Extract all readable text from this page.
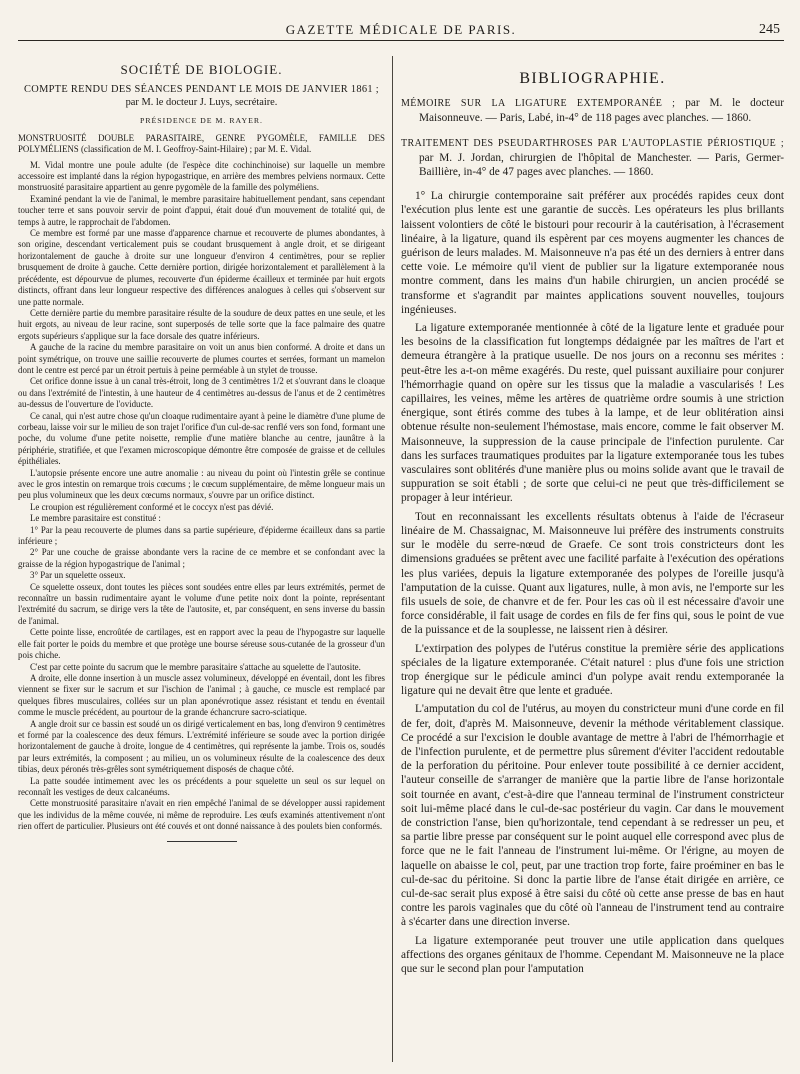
GAZETTE MÉDICALE DE PARIS.	245
SOCIÉTÉ DE BIOLOGIE.
COMPTE RENDU DES SÉANCES PENDANT LE MOIS DE JANVIER 1861 ;
par M. le docteur J. Luys, secrétaire.
PRÉSIDENCE DE M. RAYER.
MONSTRUOSITÉ DOUBLE PARASITAIRE, GENRE PYGOMÈLE, FAMILLE DES POLYMÉLIENS (classification de M. I. Geoffroy-Saint-Hilaire) ; par M. E. Vidal.

M. Vidal montre une poule adulte (de l'espèce dite cochinchinoise) sur laquelle un membre accessoire est implanté dans la région hypogastrique, en arrière des membres pelviens normaux. Cette monstruosité parasitaire appartient au genre pygomèle de la famille des polyméliens.

Examiné pendant la vie de l'animal, le membre parasitaire habituellement pendant, sans cependant toucher terre et sans pouvoir servir de point d'appui, était doué d'un mouvement de totalité qui, de temps à autre, le rapprochait de l'abdomen.

Ce membre est formé par une masse d'apparence charnue et recouverte de plumes abondantes, à son origine, descendant verticalement puis se coudant brusquement à angle droit, et se dirigeant horizontalement de gauche à droite sur une longueur d'environ 4 centimètres, pour se replier brusquement de droite à gauche. Cette dernière portion, dirigée horizontalement et parallèlement à la précédente, est dépourvue de plumes, recouverte d'un épiderme écailleux et terminée par huit ergots distincts, offrant dans leur longueur respective des différences analogues à celles qui s'observent sur une patte normale.

Cette dernière partie du membre parasitaire résulte de la soudure de deux pattes en une seule, et les huit ergots, au niveau de leur racine, sont superposés de telle sorte que la face palmaire des quatre ergots supérieurs s'applique sur la face dorsale des quatre inférieurs.

A gauche de la racine du membre parasitaire on voit un anus bien conformé. A droite et dans un point symétrique, on trouve une saillie recouverte de plumes courtes et serrées, formant un mamelon dont le centre est percé par un étroit pertuis à peine perméable à un stylet de trousse.

Cet orifice donne issue à un canal très-étroit, long de 3 centimètres 1/2 et s'ouvrant dans le cloaque ou dans l'extrémité de l'intestin, à une hauteur de 4 centimètres au-dessus de l'anus et de 2 centimètres au-dessus de l'ouverture de l'oviducte.

Ce canal, qui n'est autre chose qu'un cloaque rudimentaire ayant à peine le diamètre d'une plume de corbeau, laisse voir sur le milieu de son trajet l'orifice d'un cul-de-sac renflé vers son fond, formant une poche, du volume d'une petite noisette, remplie d'une matière blanche au centre, jaunâtre à la périphérie, stratifiée, et que l'examen microscopique démontre être composée de graisse et de cellules épithéliales.

L'autopsie présente encore une autre anomalie : au niveau du point où l'intestin grêle se continue avec le gros intestin on remarque trois cœcums ; le cœcum supplémentaire, de même longueur mais un peu plus volumineux que les deux cœcums normaux, s'ouvre par un orifice distinct.

Le croupion est régulièrement conformé et le coccyx n'est pas dévié.

Le membre parasitaire est constitué :

1° Par la peau recouverte de plumes dans sa partie supérieure, d'épiderme écailleux dans sa partie inférieure ;

2° Par une couche de graisse abondante vers la racine de ce membre et se confondant avec la graisse de la région hypogastrique de l'animal ;

3° Par un squelette osseux.

Ce squelette osseux, dont toutes les pièces sont soudées entre elles par leurs extrémités, permet de reconnaître un bassin rudimentaire ayant le volume d'une petite noix dont la pointe, représentant l'extrémité du sacrum, se dirige vers la tête de l'autosite, et, par conséquent, en sens inverse du bassin de l'animal.

Cette pointe lisse, encroûtée de cartilages, est en rapport avec la peau de l'hypogastre sur laquelle elle fait porter le poids du membre et que protège une bourse séreuse sous-cutanée de la grosseur d'un pois chiche.

C'est par cette pointe du sacrum que le membre parasitaire s'attache au squelette de l'autosite.

A droite, elle donne insertion à un muscle assez volumineux, développé en éventail, dont les fibres viennent se fixer sur le sacrum et sur l'ischion de l'animal ; à gauche, ce muscle est remplacé par quelques fibres musculaires, collées sur un plan aponévrotique assez résistant et tendu en éventail comme le muscle précédent, au pourtour de la grande échancrure sacro-sciatique.

A angle droit sur ce bassin est soudé un os dirigé verticalement en bas, long d'environ 9 centimètres et formé par la coalescence des deux fémurs. L'extrémité inférieure se soude avec la portion dirigée horizontalement de gauche à droite, longue de 4 centimètres, qui représente la jambe. Trois os, soudés par leurs extrémités, la composent ; au milieu, un os volumineux résulte de la coalescence des deux tibias, deux péronés très-grêles sont symétriquement disposés de chaque côté.

La patte soudée intimement avec les os précédents a pour squelette un seul os sur lequel on reconnaît les vestiges de deux calcanéums.

Cette monstruosité parasitaire n'avait en rien empêché l'animal de se développer aussi rapidement que les individus de la même couvée, ni même de reproduire. Les œufs examinés attentivement n'ont rien offert de particulier. Plusieurs ont été couvés et ont donné naissance à des poulets bien conformés.

BIBLIOGRAPHIE.

MÉMOIRE SUR LA LIGATURE EXTEMPORANÉE ; par M. le docteur Maisonneuve. — Paris, Labé, in-4° de 118 pages avec planches. — 1860.

TRAITEMENT DES PSEUDARTHROSES PAR L'AUTOPLASTIE PÉRIOSTIQUE ; par M. J. Jordan, chirurgien de l'hôpital de Manchester. — Paris, Germer-Baillière, in-4° de 47 pages avec planches. — 1860.

1° La chirurgie contemporaine sait préférer aux procédés rapides ceux dont l'exécution plus lente est une garantie de succès. Les opérateurs les plus brillants laissent volontiers de côté le bistouri pour recourir à la cautérisation, à l'écrasement linéaire, à la ligature, quand ils espèrent par ces moyens augmenter les chances de guérison de leurs malades. M. Maisonneuve n'a pas été un des derniers à entrer dans cette voie. Le mémoire qu'il vient de publier sur la ligature extemporanée nous montre comment, dans les mains d'un habile chirurgien, un ancien procédé se transforme et s'agrandit par maintes applications souvent nouvelles, toujours ingénieuses.

La ligature extemporanée mentionnée à côté de la ligature lente et graduée pour les besoins de la classification fut longtemps dédaignée par les maîtres de l'art et demeura étrangère à la pratique usuelle. De nos jours on a reconnu ses mérites : peut-être les a-t-on même exagérés. Du reste, quel puissant auxiliaire pour conjurer l'hémorrhagie quand on opère sur les tissus que la maladie a vascularisés ! Les capillaires, les veines, même les artères de quatrième ordre soumis à une striction énergique, sont étirés comme des tubes à la lampe, et de leur oblitération ainsi obtenue résulte non-seulement l'hémostase, mais encore, comme le fait observer M. Maisonneuve, la suppression de la cause principale de l'infection purulente. Car dans les surfaces traumatiques produites par la ligature extemporanée tous les tubes vasculaires sont oblitérés d'une manière plus ou moins solide avant que le travail de suppuration se soit établi ; de sorte que celui-ci ne peut que très-difficilement se propager à leur intérieur.

Tout en reconnaissant les excellents résultats obtenus à l'aide de l'écraseur linéaire de M. Chassaignac, M. Maisonneuve lui préfère des instruments construits sur le modèle du serre-nœud de Graefe. Ce sont trois constricteurs dont les dimensions graduées se prêtent avec une facilité parfaite à l'exécution des opérations les plus variées, depuis la ligature extemporanée des polypes de l'oreille jusqu'à l'amputation de la cuisse. Quant aux ligatures, nulle, à mon avis, ne l'emporte sur les fils usuels de soie, de chanvre et de fer. Pour les cas où il est nécessaire d'avoir une force considérable, il fait usage de cordes en fils de fer fins qui, sous le point de vue de la puissance et de la souplesse, ne laissent rien à désirer.

L'extirpation des polypes de l'utérus constitue la première série des applications spéciales de la ligature extemporanée. C'était naturel : plus d'une fois une striction trop énergique sur le pédicule aminci d'un polype avait rendu extemporanée la ligature qui ne devait être que lente et graduée.

L'amputation du col de l'utérus, au moyen du constricteur muni d'une corde en fil de fer, doit, d'après M. Maisonneuve, devenir la méthode véritablement classique. Ce procédé a sur l'excision le double avantage de mettre à l'abri de l'hémorrhagie et de l'infection purulente, et de permettre plus sûrement d'éviter l'accident redoutable de la perforation du péritoine. Pour enlever toute possibilité à ce dernier accident, l'auteur conseille de s'arranger de manière que la partie libre de l'anse horizontale soit tournée en avant, c'est-à-dire que l'anneau terminal de l'instrument constricteur soit lui-même placé dans le cul-de-sac postérieur du vagin. Car dans le mouvement de constriction l'anse, bien qu'horizontale, tend cependant à se redresser un peu, et sa partie libre presse par conséquent sur le point auquel elle correspond avec plus de force que ne le fait l'anneau de l'instrument lui-même. Or l'érigne, au moyen de laquelle on abaisse le col, peut, par une traction trop forte, faire proéminer en bas le cul-de-sac du péritoine. Si donc la partie libre de l'anse était dirigée en arrière, ce cul-de-sac serait plus exposé à être saisi du côté où cette anse presse de bas en haut contre les parois vaginales que du côté où l'anneau de l'instrument tend au contraire à s'écarter dans une direction inverse.

La ligature extemporanée peut trouver une utile application dans quelques affections des organes génitaux de l'homme. Cependant M. Maisonneuve ne la place que sur le second plan pour l'amputation
